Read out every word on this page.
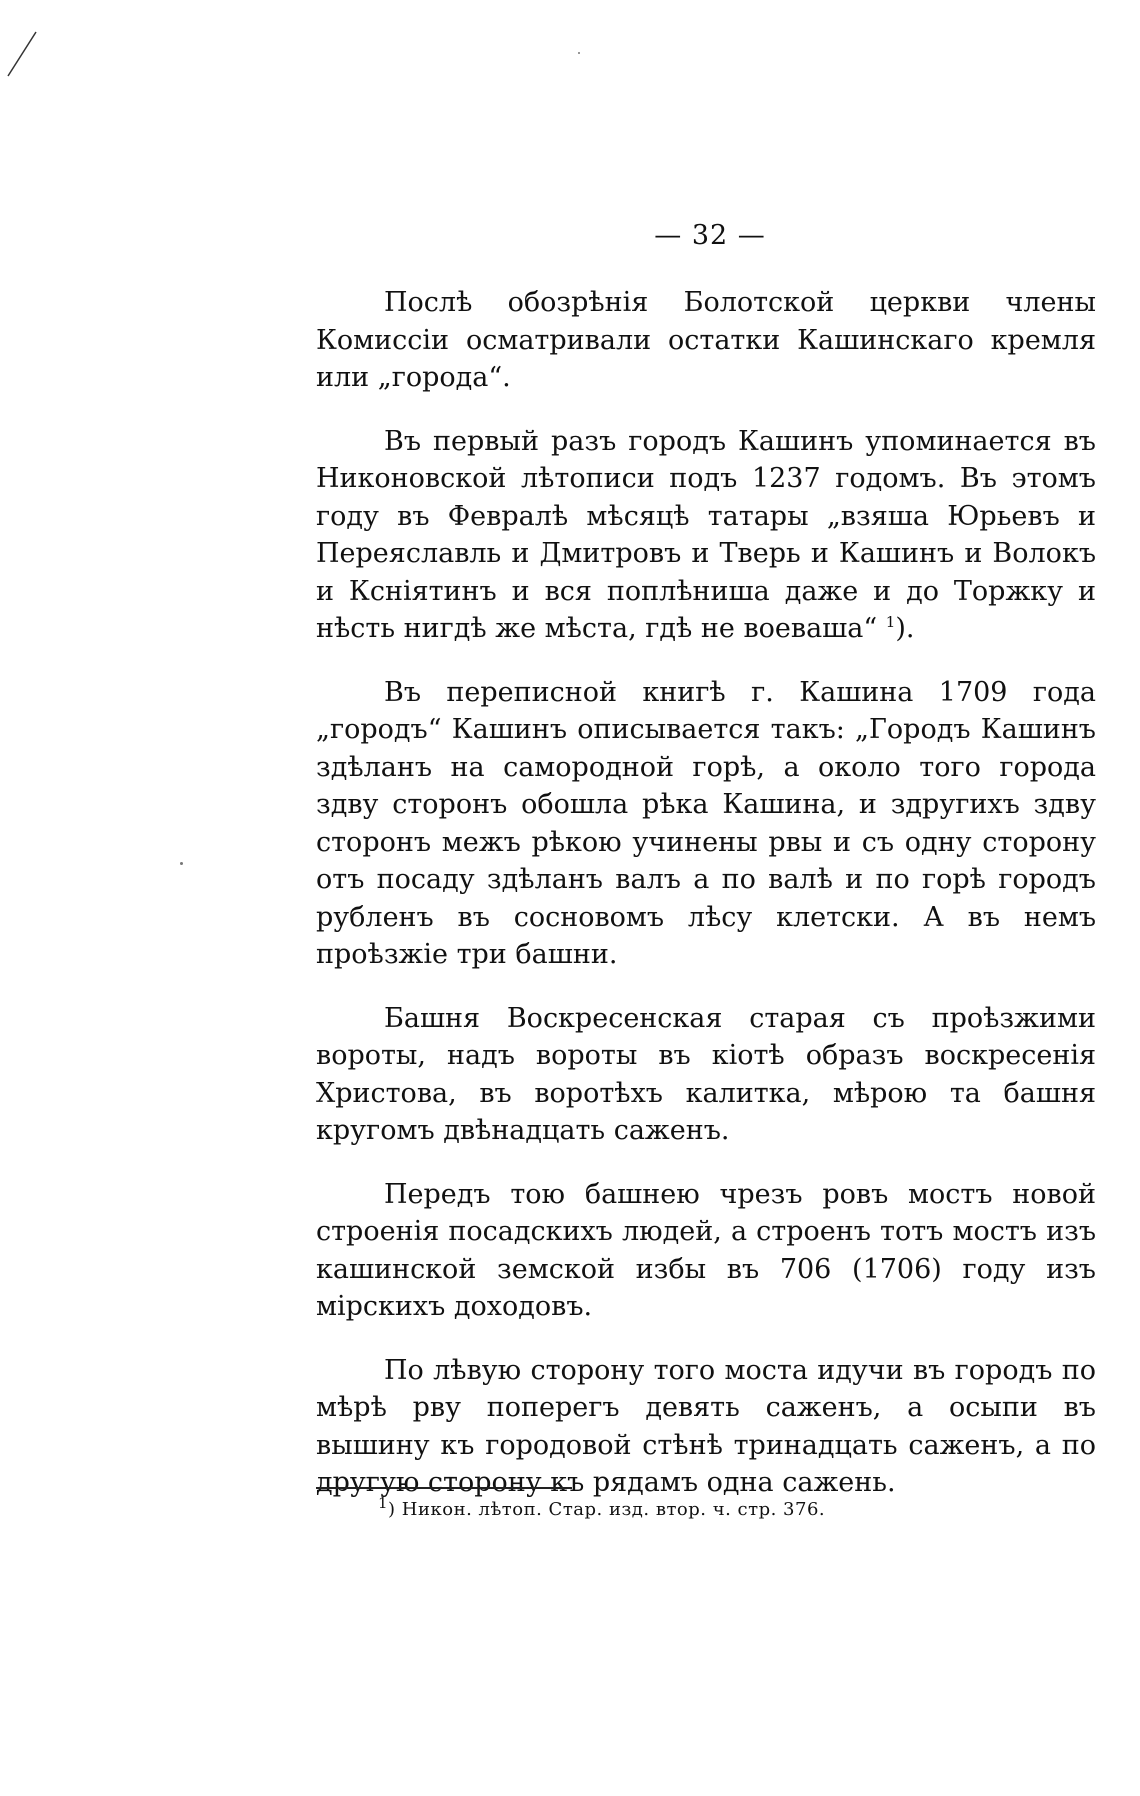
— 32 —

Послѣ обозрѣнія Болотской церкви члены Комиссіи осматривали остатки Кашинскаго кремля или „города“.

Въ первый разъ городъ Кашинъ упоминается въ Никоновской лѣтописи подъ 1237 годомъ. Въ этомъ году въ Февралѣ мѣсяцѣ татары „взяша Юрьевъ и Переяславль и Дмитровъ и Тверь и Кашинъ и Волокъ и Ксніятинъ и вся поплѣниша даже и до Торжку и нѣсть нигдѣ же мѣста, гдѣ не воеваша“ $^1$).

Въ переписной книгѣ г. Кашина 1709 года „городъ“ Кашинъ описывается такъ: „Городъ Кашинъ здѣланъ на самородной горѣ, а около того города здву сторонъ обошла рѣка Кашина, и здругихъ здву сторонъ межъ рѣкою учинены рвы и съ одну сторону отъ посаду здѣланъ валъ а по валѣ и по горѣ городъ рубленъ въ сосновомъ лѣсу клетски. А въ немъ проѣзжіе три башни.

Башня Воскресенская старая съ проѣзжими вороты, надъ вороты въ кіотѣ образъ воскресенія Христова, въ воротѣхъ калитка, мѣрою та башня кругомъ двѣнадцать саженъ.

Передъ тою башнею чрезъ ровъ мостъ новой строенія посадскихъ людей, а строенъ тотъ мостъ изъ кашинской земской избы въ 706 (1706) году изъ мірскихъ доходовъ.

По лѣвую сторону того моста идучи въ городъ по мѣрѣ рву поперегъ девять саженъ, а осыпи въ вышину къ городовой стѣнѣ тринадцать саженъ, а по другую сторону къ рядамъ одна сажень.

$^1$) Никон. лѣтоп. Стар. изд. втор. ч. стр. 376.
